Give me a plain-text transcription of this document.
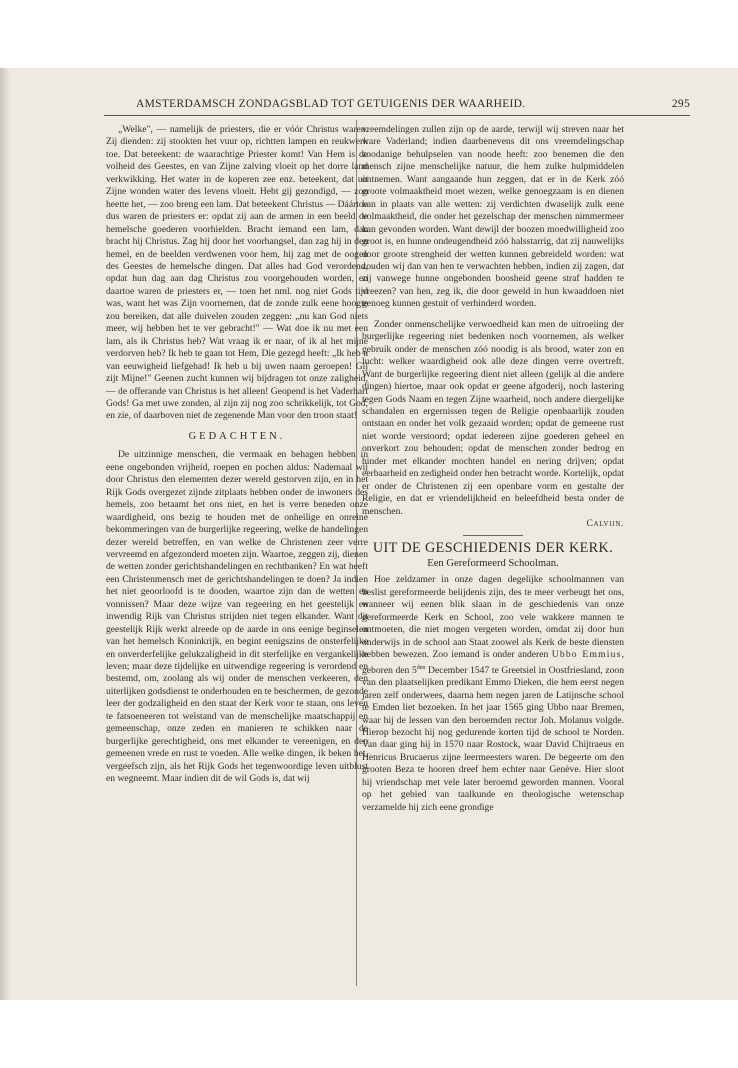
AMSTERDAMSCH ZONDAGSBLAD TOT GETUIGENIS DER WAARHEID.	295

„Welke", — namelijk de priesters, die er vóór Christus waren. Zij dienden: zij stookten het vuur op, richtten lampen en reukwerk toe. Dat beteekent: de waarachtige Priester komt! Van Hem is de volheid des Geestes, en van Zijne zalving vloeit op het dorre land verkwikking. Het water in de koperen zee enz. beteekent, dat uit Zijne wonden water des levens vloeit. Hebt gij gezondigd, — zoo heette het, — zoo breng een lam. Dat beteekent Christus — Dáártoe dus waren de priesters er: opdat zij aan de armen in een beeld de hemelsche goederen voorhielden. Bracht iemand een lam, dan bracht hij Christus. Zag hij door het voorhangsel, dan zag hij in den hemel, en de beelden verdwenen voor hem, hij zag met de oogen des Geestes de hemelsche dingen. Dat alles had God verordend, opdat hun dag aan dag Christus zou voorgehouden worden, en daartoe waren de priesters er, — toen het nml. nog niet Gods tijd was, want het was Zijn voornemen, dat de zonde zulk eene hoogte zou bereiken, dat alle duivelen zouden zeggen: „nu kan God niets meer, wij hebben het te ver gebracht!" — Wat doe ik nu met een lam, als ik Christus heb? Wat vraag ik er naar, of ik al het mijne verdorven heb? Ik heb te gaan tot Hem, Die gezegd heeft: „Ik heb u van eeuwigheid liefgehad! Ik heb u bij uwen naam geroepen! Gij zijt Mijne!" Geenen zucht kunnen wij bijdragen tot onze zaligheid, — de offerande van Christus is het alleen! Geopend is het Vaderhart Gods! Ga met uwe zonden, al zijn zij nog zoo schrikkelijk, tot God, en zie, of daarboven niet de zegenende Man voor den troon staat!

GEDACHTEN.

De uitzinnige menschen, die vermaak en behagen hebben in eene ongebonden vrijheid, roepen en pochen aldus: Nademaal wij door Christus den elementen dezer wereld gestorven zijn, en in het Rijk Gods overgezet zijnde zitplaats hebben onder de inwoners des hemels, zoo betaamt het ons niet, en het is verre beneden onze waardigheid, ons bezig te houden met de onheilige en onreine bekommeringen van de burgerlijke regeering, welke de handelingen dezer wereld betreffen, en van welke de Christenen zeer verre vervreemd en afgezonderd moeten zijn. Waartoe, zeggen zij, dienen de wetten zonder gerichtshandelingen en rechtbanken? En wat heeft een Christenmensch met de gerichtshandelingen te doen? Ja indien het niet geoorloofd is te dooden, waartoe zijn dan de wetten en vonnissen? Maar deze wijze van regeering en het geestelijk en inwendig Rijk van Christus strijden niet tegen elkander. Want dit geestelijk Rijk werkt alreede op de aarde in ons eenige beginselen van het hemelsch Koninkrijk, en begint eenigszins de onsterfelijke en onverderfelijke gelukzaligheid in dit sterfelijke en vergankelijke leven; maar deze tijdelijke en uitwendige regeering is verordend en bestemd, om, zoolang als wij onder de menschen verkeeren, den uiterlijken godsdienst te onderhouden en te beschermen, de gezonde leer der godzaligheid en den staat der Kerk voor te staan, ons leven te fatsoeneeren tot welstand van de menschelijke maatschappij en gemeenschap, onze zeden en manieren te schikken naar de burgerlijke gerechtigheid, ons met elkander te vereenigen, en den gemeenen vrede en rust te voeden. Alle welke dingen, ik beken het, vergeefsch zijn, als het Rijk Gods het tegenwoordige leven uitblust en wegneemt. Maar indien dit de wil Gods is, dat wij

vreemdelingen zullen zijn op de aarde, terwijl wij streven naar het ware Vaderland; indien daarbenevens dit ons vreemdelingschap zoodanige behulpselen van noode heeft: zoo benemen die den mensch zijne menschelijke natuur, die hem zulke hulpmiddelen ontnemen. Want aangaande hun zeggen, dat er in de Kerk zóó groote volmaaktheid moet wezen, welke genoegzaam is en dienen kan in plaats van alle wetten: zij verdichten dwaselijk zulk eene volmaaktheid, die onder het gezelschap der menschen nimmermeer kan gevonden worden. Want dewijl der boozen moedwilligheid zoo groot is, en hunne ondeugendheid zóó halsstarrig, dat zij nauwelijks door groote strengheid der wetten kunnen gebreideld worden: wat zouden wij dan van hen te verwachten hebben, indien zij zagen, dat zij vanwege hunne ongebonden boosheid geene straf hadden te vreezen? van hen, zeg ik, die door geweld in hun kwaaddoen niet genoeg kunnen gestuit of verhinderd worden.

Zonder onmenschelijke verwoedheid kan men de uitroeiing der burgerlijke regeering niet bedenken noch voornemen, als welker gebruik onder de menschen zóó noodig is als brood, water zon en lucht: welker waardigheid ook alle deze dingen verre overtreft. Want de burgerlijke regeering dient niet alleen (gelijk al die andere dingen) hiertoe, maar ook opdat er geene afgoderij, noch lastering tegen Gods Naam en tegen Zijne waarheid, noch andere diergelijke schandalen en ergernissen tegen de Religie openbaarlijk zouden ontstaan en onder het volk gezaaid worden; opdat de gemeene rust niet worde verstoord; opdat iedereen zijne goederen geheel en onverkort zou behouden; opdat de menschen zonder bedrog en hinder met elkander mochten handel en nering drijven; opdat eerbaarheid en zedigheid onder hen betracht worde. Kortelijk, opdat er onder de Christenen zij een openbare vorm en gestalte der Religie, en dat er vriendelijkheid en beleefdheid besta onder de menschen.

Calvijn.

UIT DE GESCHIEDENIS DER KERK.

Een Gereformeerd Schoolman.

Hoe zeldzamer in onze dagen degelijke schoolmannen van beslist gereformeerde belijdenis zijn, des te meer verbeugt het ons, wanneer wij eenen blik slaan in de geschiedenis van onze gereformeerde Kerk en School, zoo vele wakkere mannen te ontmoeten, die niet mogen vergeten worden, omdat zij door hun onderwijs in de school aan Staat zoowel als Kerk de beste diensten hebben bewezen. Zoo iemand is onder anderen Ubbo Emmius, geboren den $5^{den}$ December 1547 te Greetsiel in Oostfriesland, zoon van den plaatselijken predikant Emmo Dieken, die hem eerst negen jaren zelf onderwees, daarna hem negen jaren de Latijnsche school te Emden liet bezoeken. In het jaar 1565 ging Ubbo naar Bremen, waar hij de lessen van den beroemden rector Joh. Molanus volgde. Hierop bezocht hij nog gedurende korten tijd de school te Norden. Van daar ging hij in 1570 naar Rostock, waar David Chijtraeus en Henricus Brucaerus zijne leermeesters waren. De begeerte om den grooten Beza te hooren dreef hem echter naar Genève. Hier sloot hij vriendschap met vele later beroemd geworden mannen. Vooral op het gebied van taalkunde en theologische wetenschap verzamelde hij zich eene grondige
